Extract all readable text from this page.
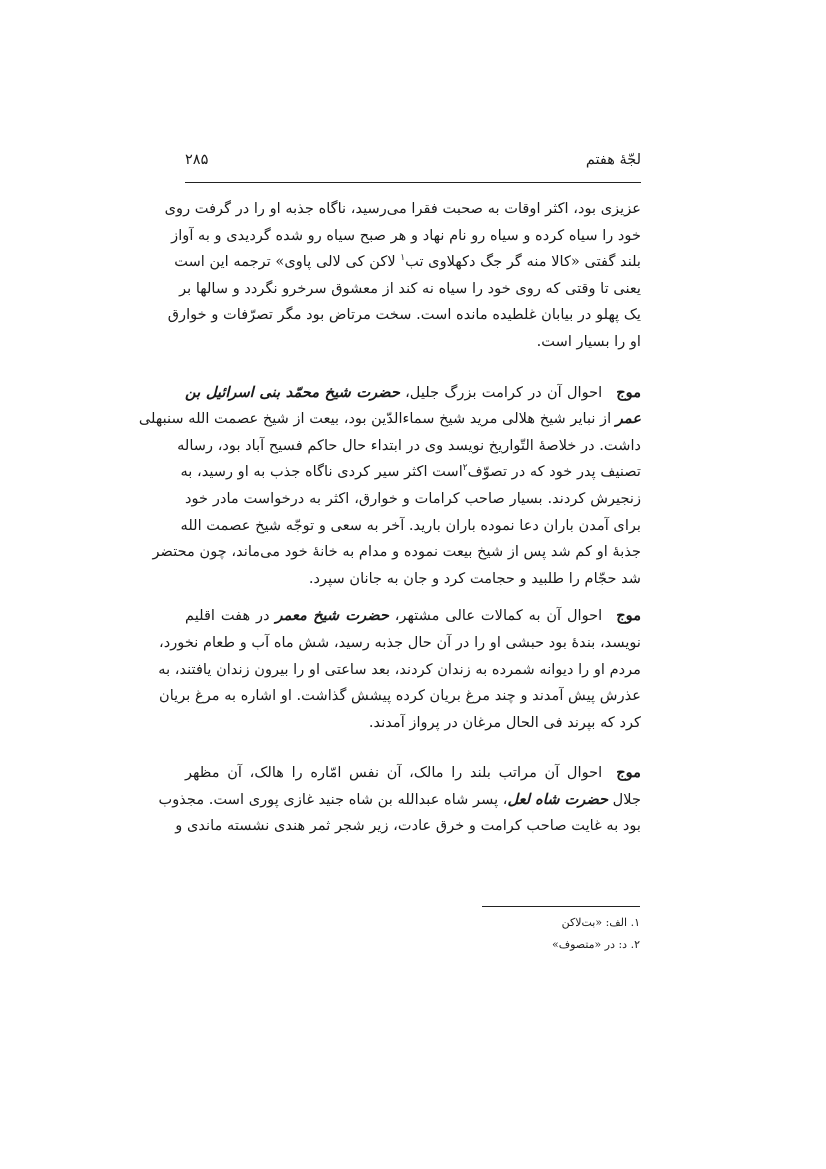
لجّۀ هفتم
۲۸۵
عزیزی بود، اکثر اوقات به صحبت فقرا می‌رسید، ناگاه جذبه او را در گرفت روی
خود را سیاه کرده و سیاه رو نام نهاد و هر صبح سیاه رو شده گردیدی و به آواز
بلند گفتی «کالا منه گر جگ دکهلاوی تب$^۱$ لاکن کی لالی پاوی» ترجمه این است
یعنی تا وقتی که روی خود را سیاه نه کند از معشوق سرخرو نگردد و سالها بر
یک پهلو در بیابان غلطیده مانده است. سخت مرتاض بود مگر تصرّفات و خوارق
او را بسیار است.
موجاحوال آن در کرامت بزرگ جلیل، حضرت شیخ محمّد بنی اسرائیل بن
عمر از نبایر شیخ هلالی مرید شیخ سماءالدّین بود، بیعت از شیخ عصمت الله سنبهلی
داشت. در خلاصۀ التّواریخ نویسد وی در ابتداء حال حاکم فسیح آباد بود، رساله
تصنیف پدر خود که در تصوّف$^۲$است اکثر سیر کردی ناگاه جذب به او رسید، به
زنجیرش کردند. بسیار صاحب کرامات و خوارق، اکثر به درخواست مادر خود
برای آمدن باران دعا نموده باران بارید. آخر به سعی و توجّه شیخ عصمت الله
جذبۀ او کم شد پس از شیخ بیعت نموده و مدام به خانۀ خود می‌ماند، چون محتضر
شد حجّام را طلبید و حجامت کرد و جان به جانان سپرد.
موجاحوال آن به کمالات عالی مشتهر، حضرت شیخ معمر در هفت اقلیم
نویسد، بندۀ بود حبشی او را در آن حال جذبه رسید، شش ماه آب و طعام نخورد،
مردم او را دیوانه شمرده به زندان کردند، بعد ساعتی او را بیرون زندان یافتند، به
عذرش پیش آمدند و چند مرغ بریان کرده پیشش گذاشت. او اشاره به مرغ بریان
کرد که بپرند فی الحال مرغان در پرواز آمدند.
موجاحوال آن مراتب بلند را مالک، آن نفس امّاره را هالک، آن مظهر
جلال حضرت شاه لعل، پسر شاه عبدالله بن شاه جنید غازی پوری است. مجذوب
بود به غایت صاحب کرامت و خرق عادت، زیر شجر ثمر هندی نشسته ماندی و
۱. الف: «بت‌لاکن
۲. د: در «متصوف»
